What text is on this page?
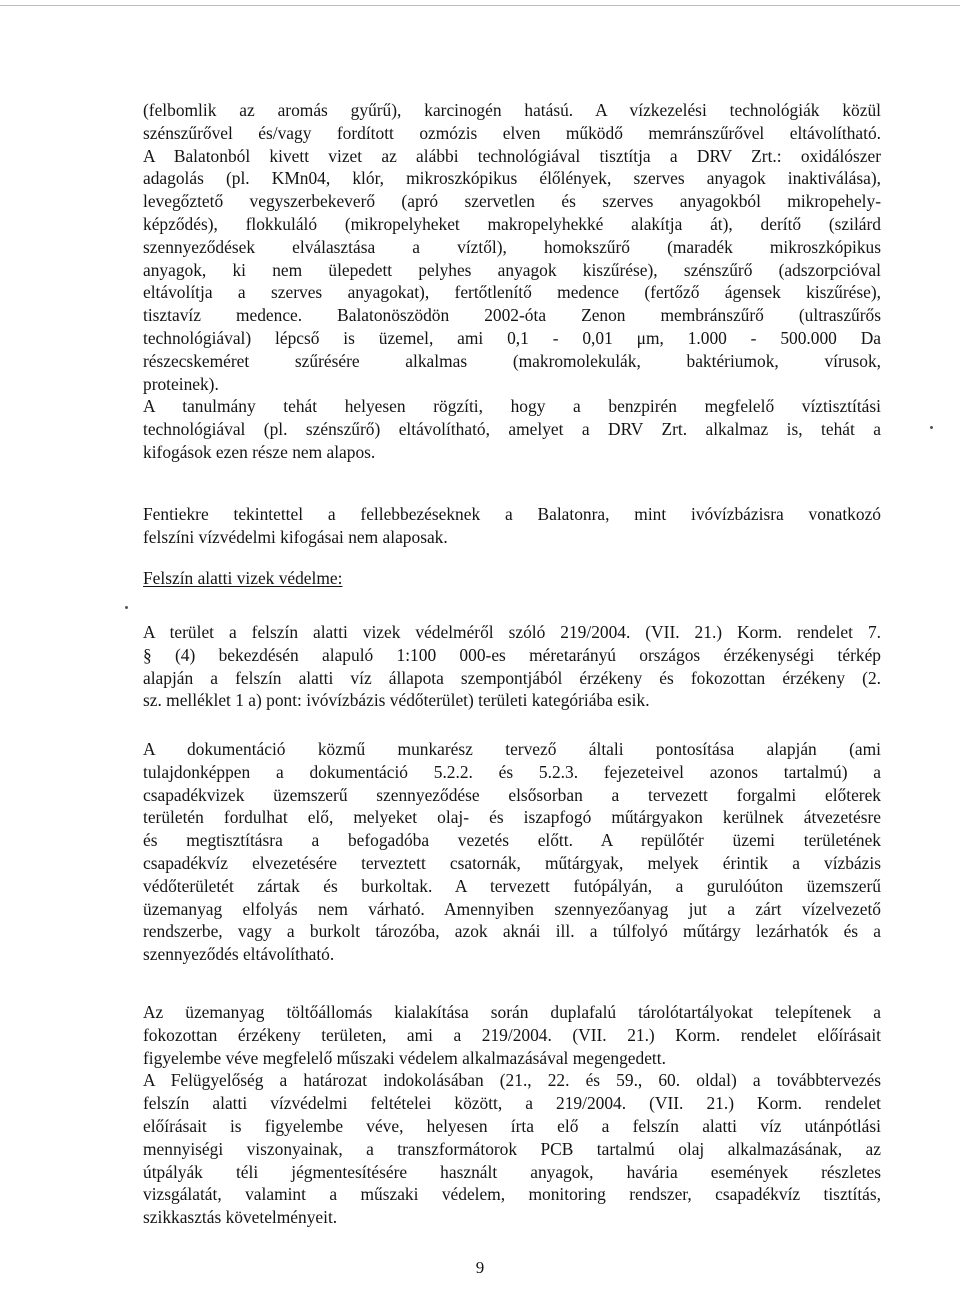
(felbomlik az aromás gyűrű), karcinogén hatású. A vízkezelési technológiák közül
szénszűrővel és/vagy fordított ozmózis elven működő memránszűrővel eltávolítható.
A Balatonból kivett vizet az alábbi technológiával tisztítja a DRV Zrt.: oxidálószer
adagolás (pl. KMn04, klór, mikroszkópikus élőlények, szerves anyagok inaktiválása),
levegőztető vegyszerbekeverő (apró szervetlen és szerves anyagokból mikropehely-
képződés), flokkuláló (mikropelyheket makropelyhekké alakítja át), derítő (szilárd
szennyeződések elválasztása a víztől), homokszűrő (maradék mikroszkópikus
anyagok, ki nem ülepedett pelyhes anyagok kiszűrése), szénszűrő (adszorpcióval
eltávolítja a szerves anyagokat), fertőtlenítő medence (fertőző ágensek kiszűrése),
tisztavíz medence. Balatonöszödön 2002-óta Zenon membránszűrő (ultraszűrős
technológiával) lépcső is üzemel, ami 0,1 - 0,01 μm, 1.000 - 500.000 Da
részecskeméret szűrésére alkalmas (makromolekulák, baktériumok, vírusok,
proteinek).
A tanulmány tehát helyesen rögzíti, hogy a benzpirén megfelelő víztisztítási
technológiával (pl. szénszűrő) eltávolítható, amelyet a DRV Zrt. alkalmaz is, tehát a
kifogások ezen része nem alapos.
Fentiekre tekintettel a fellebbezéseknek a Balatonra, mint ivóvízbázisra vonatkozó
felszíni vízvédelmi kifogásai nem alaposak.
Felszín alatti vizek védelme:
A terület a felszín alatti vizek védelméről szóló 219/2004. (VII. 21.) Korm. rendelet 7.
§ (4) bekezdésén alapuló 1:100 000-es méretarányú országos érzékenységi térkép
alapján a felszín alatti víz állapota szempontjából érzékeny és fokozottan érzékeny (2.
sz. melléklet 1 a) pont: ivóvízbázis védőterület) területi kategóriába esik.
A dokumentáció közmű munkarész tervező általi pontosítása alapján (ami
tulajdonképpen a dokumentáció 5.2.2. és 5.2.3. fejezeteivel azonos tartalmú) a
csapadékvizek üzemszerű szennyeződése elsősorban a tervezett forgalmi előterek
területén fordulhat elő, melyeket olaj- és iszapfogó műtárgyakon kerülnek átvezetésre
és megtisztításra a befogadóba vezetés előtt. A repülőtér üzemi területének
csapadékvíz elvezetésére terveztett csatornák, műtárgyak, melyek érintik a vízbázis
védőterületét zártak és burkoltak. A tervezett futópályán, a gurulóúton üzemszerű
üzemanyag elfolyás nem várható. Amennyiben szennyezőanyag jut a zárt vízelvezető
rendszerbe, vagy a burkolt tározóba, azok aknái ill. a túlfolyó műtárgy lezárhatók és a
szennyeződés eltávolítható.
Az üzemanyag töltőállomás kialakítása során duplafalú tárolótartályokat telepítenek a
fokozottan érzékeny területen, ami a 219/2004. (VII. 21.) Korm. rendelet előírásait
figyelembe véve megfelelő műszaki védelem alkalmazásával megengedett.
A Felügyelőség a határozat indokolásában (21., 22. és 59., 60. oldal) a továbbtervezés
felszín alatti vízvédelmi feltételei között, a 219/2004. (VII. 21.) Korm. rendelet
előírásait is figyelembe véve, helyesen írta elő a felszín alatti víz utánpótlási
mennyiségi viszonyainak, a transzformátorok PCB tartalmú olaj alkalmazásának, az
útpályák téli jégmentesítésére használt anyagok, havária események részletes
vizsgálatát, valamint a műszaki védelem, monitoring rendszer, csapadékvíz tisztítás,
szikkasztás követelményeit.
9
